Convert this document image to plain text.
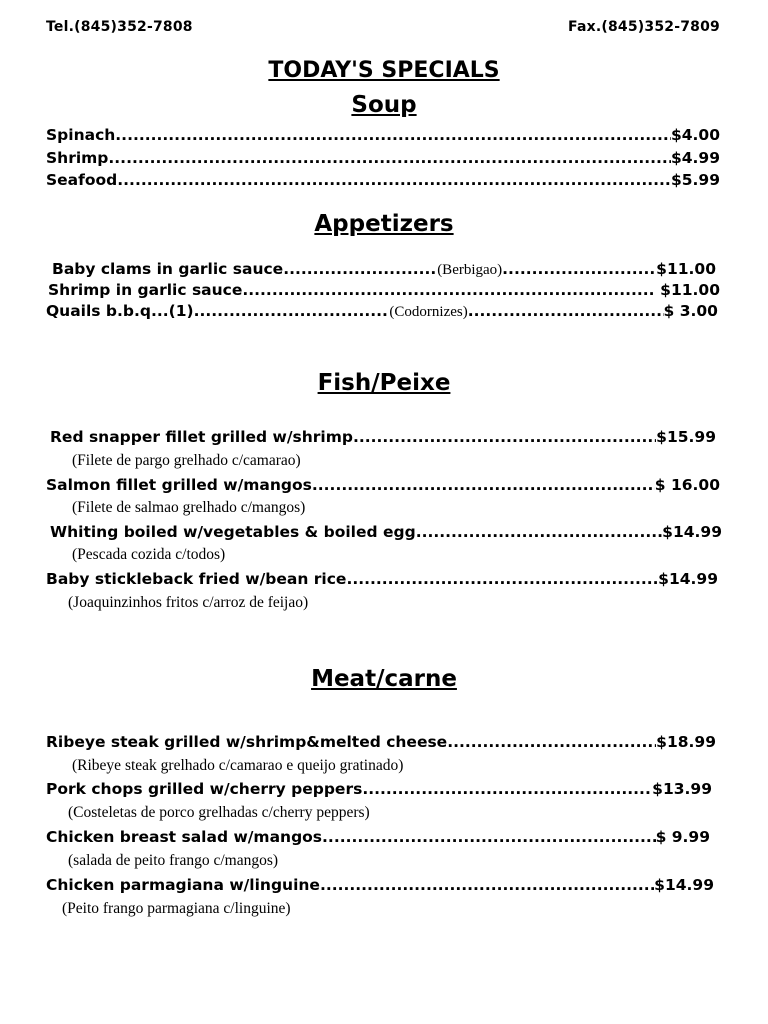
Tel.(845)352-7808	Fax.(845)352-7809
TODAY'S SPECIALS
Soup
Spinach .....	$4.00
Shrimp .....	$4.99
Seafood .....	$5.99
Appetizers
Baby clams in garlic sauce .....	(Berbigao) .....	$11.00
Shrimp in garlic sauce .....	$11.00
Quails b.b.q...(1) .....	(Codornizes) .....	$ 3.00
Fish/Peixe
Red snapper fillet grilled w/shrimp .....	$15.99
(Filete de pargo grelhado c/camarao)
Salmon fillet grilled w/mangos .....	$ 16.00
(Filete de salmao grelhado c/mangos)
Whiting boiled w/vegetables & boiled egg .....	$14.99
(Pescada cozida c/todos)
Baby stickleback fried w/bean rice .....	$14.99
(Joaquinzinhos fritos c/arroz de feijao)
Meat/carne
Ribeye steak grilled w/shrimp&melted cheese .....	$18.99
(Ribeye steak grelhado c/camarao e queijo gratinado)
Pork chops grilled w/cherry peppers .....	$13.99
(Costeletas de porco grelhadas c/cherry peppers)
Chicken breast salad w/mangos .....	$ 9.99
(salada de peito frango c/mangos)
Chicken parmagiana w/linguine .....	$14.99
(Peito frango parmagiana c/linguine)
